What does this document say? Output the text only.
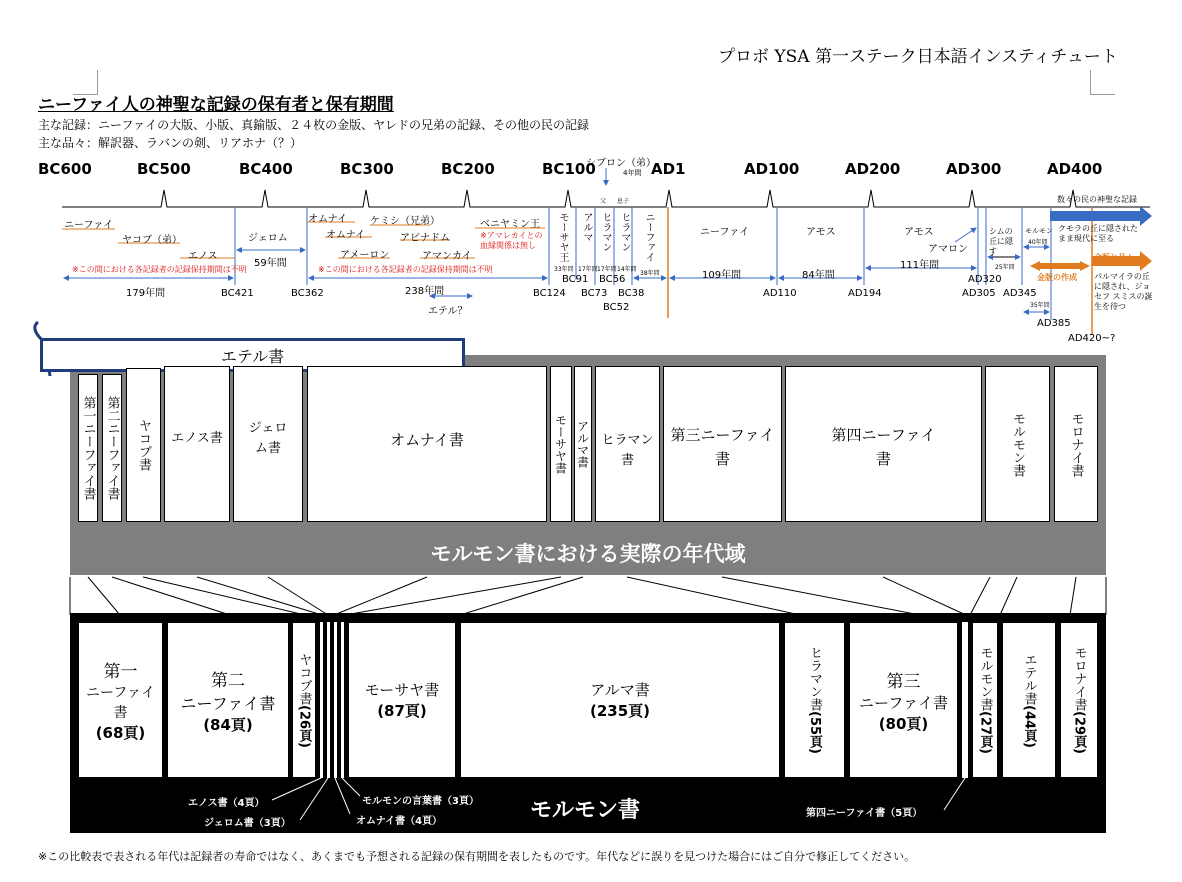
プロボ YSA 第一ステーク日本語インスティチュート
ニーファイ人の神聖な記録の保有者と保有期間
主な記録：ニーファイの大版、小版、真鍮版、２４枚の金版、ヤレドの兄弟の記録、その他の民の記録
主な品々：解訳器、ラバンの剣、リアホナ（？）
BC600	BC500	BC400	BC300	BC200	BC100	AD1	AD100	AD200	AD300	AD400
ニーファイ
ヤコブ（弟）
エノス
※この間における各記録者の記録保持期間は不明
ジェロム
オムナイ
オムナイ
アメーロン
ケミシ（兄弟）
アビナドム
アマンカイ
ベニヤミン王
※アマレカイとの血縁関係は無し
※この間における各記録者の記録保持期間は不明
モーサヤ王 アルマ ヒラマン ヒラマン ニーファイ
シブロン（弟）
4年間
父 息子
ニーファイ	アモス	アモス
アマロン
シムの丘に隠す
モルモン
数々の民の神聖な記録
クモラの丘に隠されたまま現代に至る
金版の作成
金版と品々
パルマイラの丘に隠され、ジョセフ スミスの誕生を待つ
179年間
59年間
238年間
エテル？
109年間	84年間
111年間
33年間 17年間 17年間 14年間
38年間
25年間
40年間
35年間
BC421	BC362	BC124
BC91
BC73
BC56
BC52
BC38	AD110	AD194
AD320
AD305 AD345
AD385
AD420~?
エテル書
第一ニーファイ書 第二ニーファイ書 ヤコブ書 エノス書
ジェロム書	オムナイ書	モーサヤ書 アルマ書 ヒラマン書
第三ニーファイ書
第四ニーファイ書	モルモン書	モロナイ書
モルモン書における実際の年代域
第一
ニーファイ書
(68頁)
第二
ニーファイ書
(84頁)
ヤコブ書(26頁)
モーサヤ書
(87頁)
アルマ書
(235頁)	ヒラマン書(55頁)
第三
ニーファイ書
(80頁)
モルモン書(27頁)
エテル書(44頁)
モロナイ書(29頁)
エノス書（4頁）
ジェロム書（3頁）
モルモンの言葉書（3頁）
オムナイ書（4頁）
第四ニーファイ書（5頁）
モルモン書
※この比較表で表される年代は記録者の寿命ではなく、あくまでも予想される記録の保有期間を表したものです。年代などに誤りを見つけた場合にはご自分で修正してください。
